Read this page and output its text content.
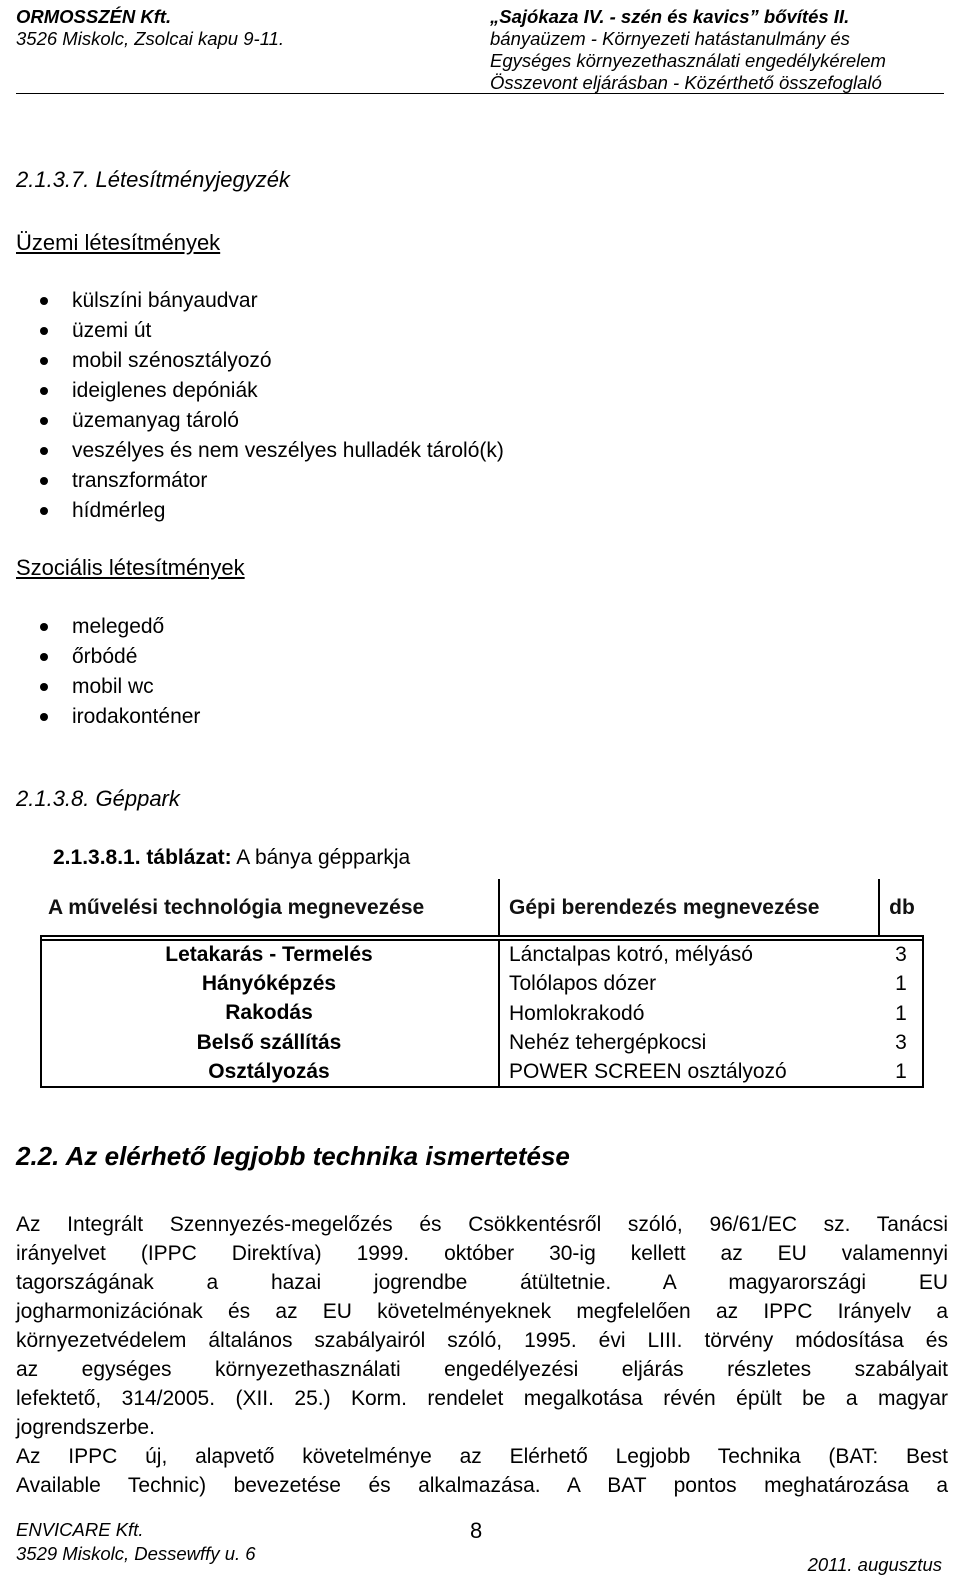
ORMOSSZÉN Kft.
3526 Miskolc, Zsolcai kapu 9-11.
„Sajókaza IV. - szén és kavics” bővítés II.
bányaüzem - Környezeti hatástanulmány és
Egységes környezethasználati engedélykérelem
Összevont eljárásban - Közérthető összefoglaló
2.1.3.7. Létesítményjegyzék
Üzemi létesítmények
külszíni bányaudvar
üzemi út
mobil szénosztályozó
ideiglenes depóniák
üzemanyag tároló
veszélyes és nem veszélyes hulladék tároló(k)
transzformátor
hídmérleg
Szociális létesítmények
melegedő
őrbódé
mobil wc
irodakonténer
2.1.3.8. Géppark
2.1.3.8.1. táblázat: A bánya gépparkja
A művelési technológia megnevezése	Gépi berendezés megnevezése	db
Letakarás - Termelés	Lánctalpas kotró, mélyásó	3
Hányóképzés	Tolólapos dózer	1
Rakodás	Homlokrakodó	1
Belső szállítás	Nehéz tehergépkocsi	3
Osztályozás	POWER SCREEN osztályozó	1
2.2. Az elérhető legjobb technika ismertetése
Az Integrált Szennyezés-megelőzés és Csökkentésről szóló, 96/61/EC sz. Tanácsi
irányelvet (IPPC Direktíva) 1999. október 30-ig kellett az EU valamennyi
tagországának a hazai jogrendbe átültetnie. A magyarországi EU
jogharmonizációnak és az EU követelményeknek megfelelően az IPPC Irányelv a
környezetvédelem általános szabályairól szóló, 1995. évi LIII. törvény módosítása és
az egységes környezethasználati engedélyezési eljárás részletes szabályait
lefektető, 314/2005. (XII. 25.) Korm. rendelet megalkotása révén épült be a magyar
jogrendszerbe.
Az IPPC új, alapvető követelménye az Elérhető Legjobb Technika (BAT: Best
Available Technic) bevezetése és alkalmazása. A BAT pontos meghatározása a
ENVICARE Kft.
3529 Miskolc, Dessewffy u. 6
8
2011. augusztus
